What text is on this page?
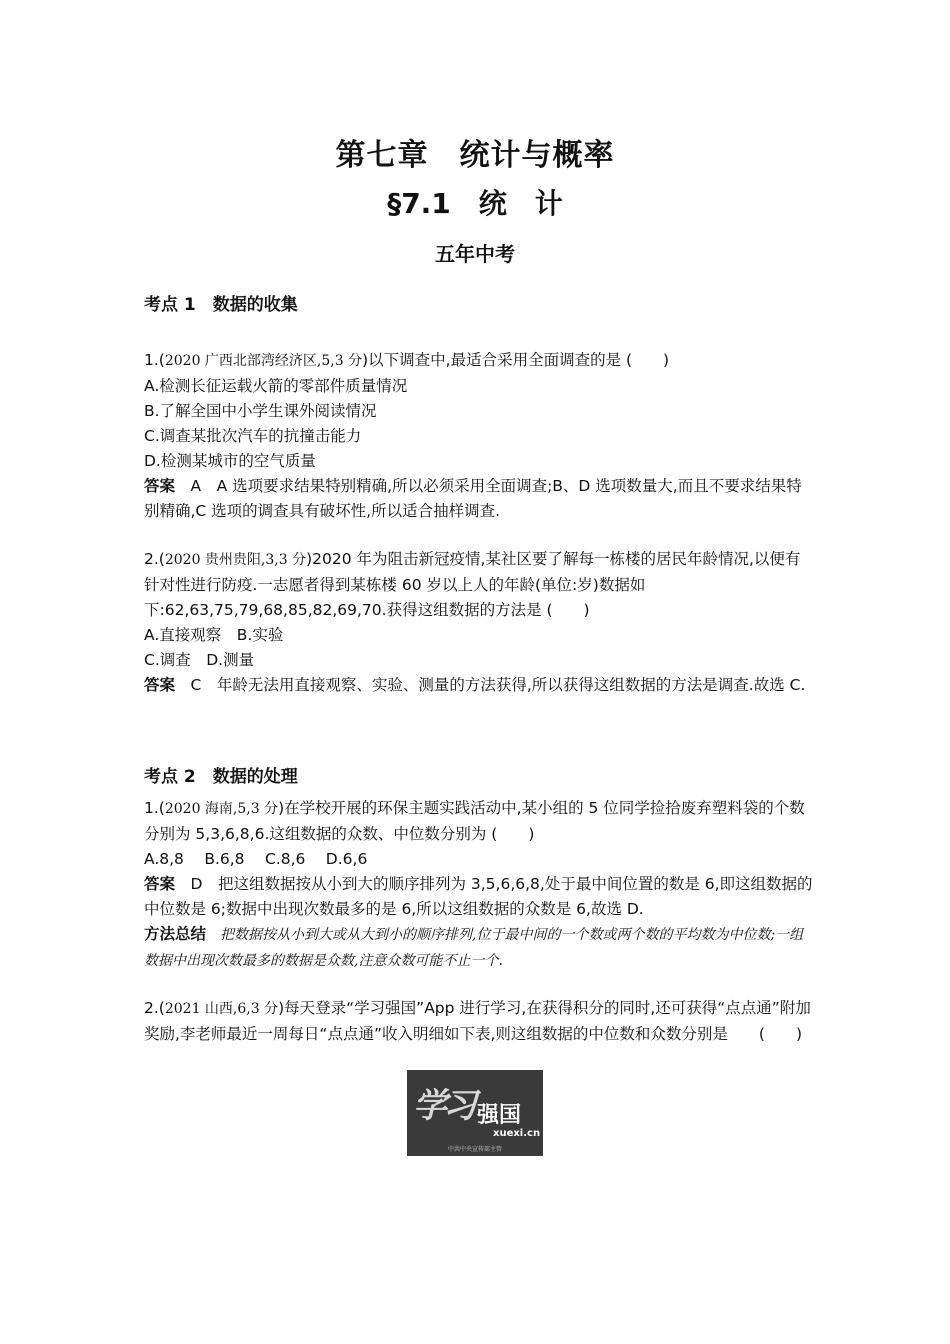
第七章　统计与概率
§7.1　统　计
五年中考
考点 1　数据的收集

1.(2020 广西北部湾经济区,5,3 分)以下调查中,最适合采用全面调查的是 (　　)

A.检测长征运载火箭的零部件质量情况

B.了解全国中小学生课外阅读情况

C.调查某批次汽车的抗撞击能力

D.检测某城市的空气质量

答案　A　A 选项要求结果特别精确,所以必须采用全面调查;B、D 选项数量大,而且不要求结果特别精确,C 选项的调查具有破坏性,所以适合抽样调查.

2.(2020 贵州贵阳,3,3 分)2020 年为阻击新冠疫情,某社区要了解每一栋楼的居民年龄情况,以便有针对性进行防疫.一志愿者得到某栋楼 60 岁以上人的年龄(单位:岁)数据如下:62,63,75,79,68,85,82,69,70.获得这组数据的方法是 (　　)

A.直接观察　B.实验

C.调查　D.测量

答案　C　年龄无法用直接观察、实验、测量的方法获得,所以获得这组数据的方法是调查.故选 C.

考点 2　数据的处理

1.(2020 海南,5,3 分)在学校开展的环保主题实践活动中,某小组的 5 位同学捡拾废弃塑料袋的个数分别为 5,3,6,8,6.这组数据的众数、中位数分别为 (　　)

A.8,8　 B.6,8　 C.8,6　 D.6,6

答案　D　把这组数据按从小到大的顺序排列为 3,5,6,6,8,处于最中间位置的数是 6,即这组数据的中位数是 6;数据中出现次数最多的是 6,所以这组数据的众数是 6,故选 D.

方法总结　把数据按从小到大或从大到小的顺序排列,位于最中间的一个数或两个数的平均数为中位数;一组数据中出现次数最多的数据是众数,注意众数可能不止一个.

2.(2021 山西,6,3 分)每天登录“学习强国”App 进行学习,在获得积分的同时,还可获得“点点通”附加奖励,李老师最近一周每日“点点通”收入明细如下表,则这组数据的中位数和众数分别是　　(　　)

学习 强国
xuexi.cn
中共中央宣传部主管
